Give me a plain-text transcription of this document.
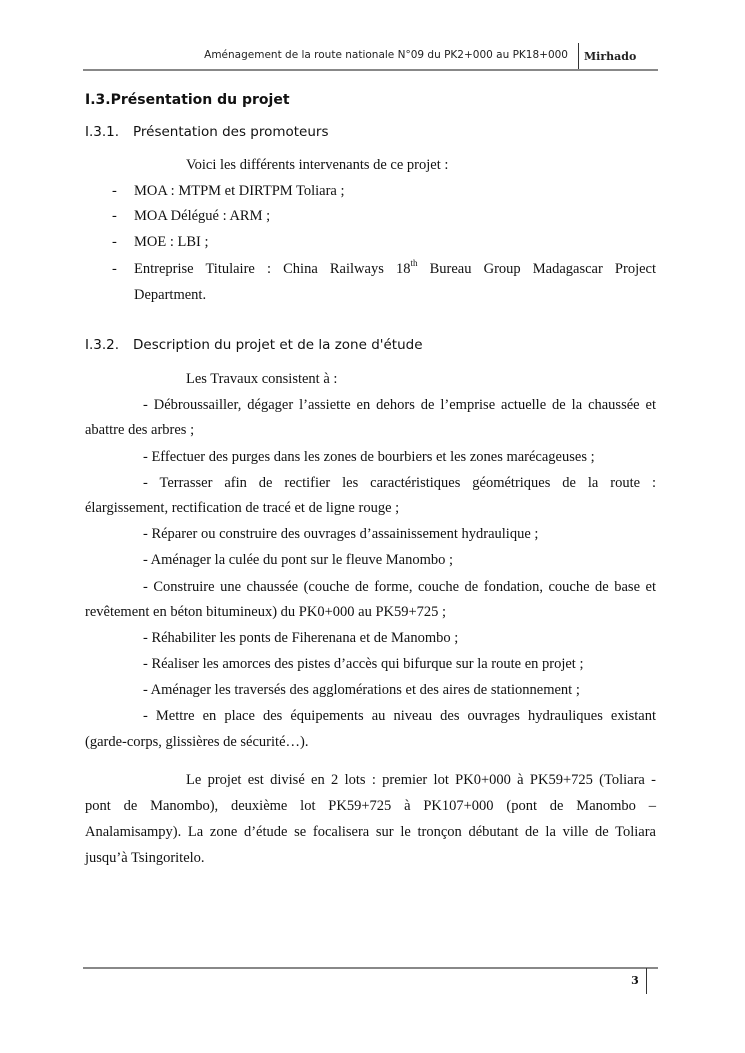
Aménagement de la route nationale N°09 du PK2+000 au PK18+000 Mirhado
I.3.Présentation du projet
I.3.1. Présentation des promoteurs
Voici les différents intervenants de ce projet :
- MOA : MTPM et DIRTPM Toliara ;
- MOA Délégué : ARM ;
- MOE : LBI ;
- Entreprise Titulaire : China Railways 18th Bureau Group Madagascar Project
Department.
I.3.2. Description du projet et de la zone d'étude
Les Travaux consistent à :
- Débroussailler, dégager l’assiette en dehors de l’emprise actuelle de la chaussée et
abattre des arbres ;
- Effectuer des purges dans les zones de bourbiers et les zones marécageuses ;
- Terrasser afin de rectifier les caractéristiques géométriques de la route :
élargissement, rectification de tracé et de ligne rouge ;
- Réparer ou construire des ouvrages d’assainissement hydraulique ;
- Aménager la culée du pont sur le fleuve Manombo ;
- Construire une chaussée (couche de forme, couche de fondation, couche de base et
revêtement en béton bitumineux) du PK0+000 au PK59+725 ;
- Réhabiliter les ponts de Fiherenana et de Manombo ;
- Réaliser les amorces des pistes d’accès qui bifurque sur la route en projet ;
- Aménager les traversés des agglomérations et des aires de stationnement ;
- Mettre en place des équipements au niveau des ouvrages hydrauliques existant
(garde-corps, glissières de sécurité…).
Le projet est divisé en 2 lots : premier lot PK0+000 à PK59+725 (Toliara -
pont de Manombo), deuxième lot PK59+725 à PK107+000 (pont de Manombo –
Analamisampy). La zone d’étude se focalisera sur le tronçon débutant de la ville de Toliara
jusqu’à Tsingoritelo.
3
